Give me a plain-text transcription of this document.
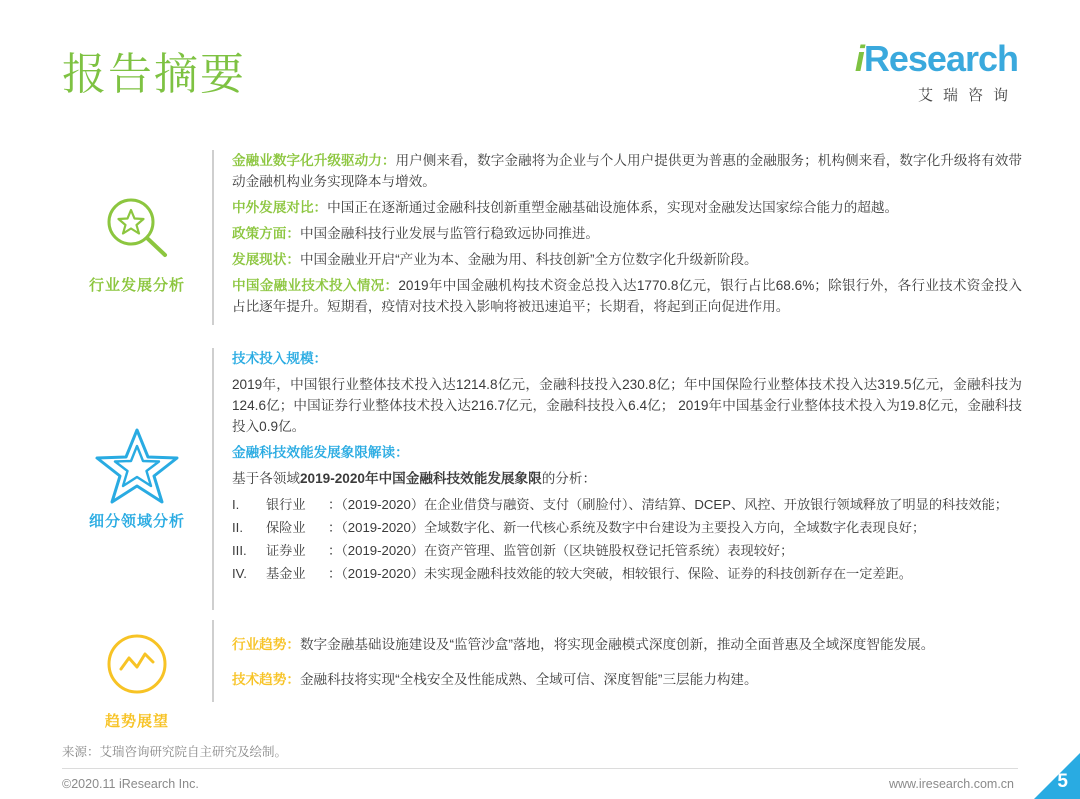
报告摘要	iResearch
艾瑞咨询
行业发展分析
金融业数字化升级驱动力：用户侧来看，数字金融将为企业与个人用户提供更为普惠的金融服务；机构侧来看，数字化升级将有效带动金融机构业务实现降本与增效。
中外发展对比：中国正在逐渐通过金融科技创新重塑金融基础设施体系，实现对金融发达国家综合能力的超越。
政策方面：中国金融科技行业发展与监管行稳致远协同推进。
发展现状：中国金融业开启“产业为本、金融为用、科技创新”全方位数字化升级新阶段。
中国金融业技术投入情况：2019年中国金融机构技术资金总投入达1770.8亿元，银行占比68.6%；除银行外，各行业技术资金投入占比逐年提升。短期看，疫情对技术投入影响将被迅速追平；长期看，将起到正向促进作用。
细分领域分析
技术投入规模：
2019年，中国银行业整体技术投入达1214.8亿元，金融科技投入230.8亿；年中国保险行业整体技术投入达319.5亿元，金融科技为124.6亿；中国证券行业整体技术投入达216.7亿元，金融科技投入6.4亿； 2019年中国基金行业整体技术投入为19.8亿元，金融科技投入0.9亿。
金融科技效能发展象限解读：
基于各领域2019-2020年中国金融科技效能发展象限的分析：
I.	银行业	：（2019-2020）在企业借贷与融资、支付（刷脸付）、清结算、DCEP、风控、开放银行领域释放了明显的科技效能；
II.	保险业	：（2019-2020）全域数字化、新一代核心系统及数字中台建设为主要投入方向，全域数字化表现良好；
III.	证券业	：（2019-2020）在资产管理、监管创新（区块链股权登记托管系统）表现较好；
IV.	基金业	：（2019-2020）未实现金融科技效能的较大突破，相较银行、保险、证券的科技创新存在一定差距。
趋势展望
行业趋势：数字金融基础设施建设及“监管沙盒”落地，将实现金融模式深度创新，推动全面普惠及全域深度智能发展。
技术趋势：金融科技将实现“全栈安全及性能成熟、全域可信、深度智能”三层能力构建。
来源：艾瑞咨询研究院自主研究及绘制。
©2020.11 iResearch Inc.	www.iresearch.com.cn 5
